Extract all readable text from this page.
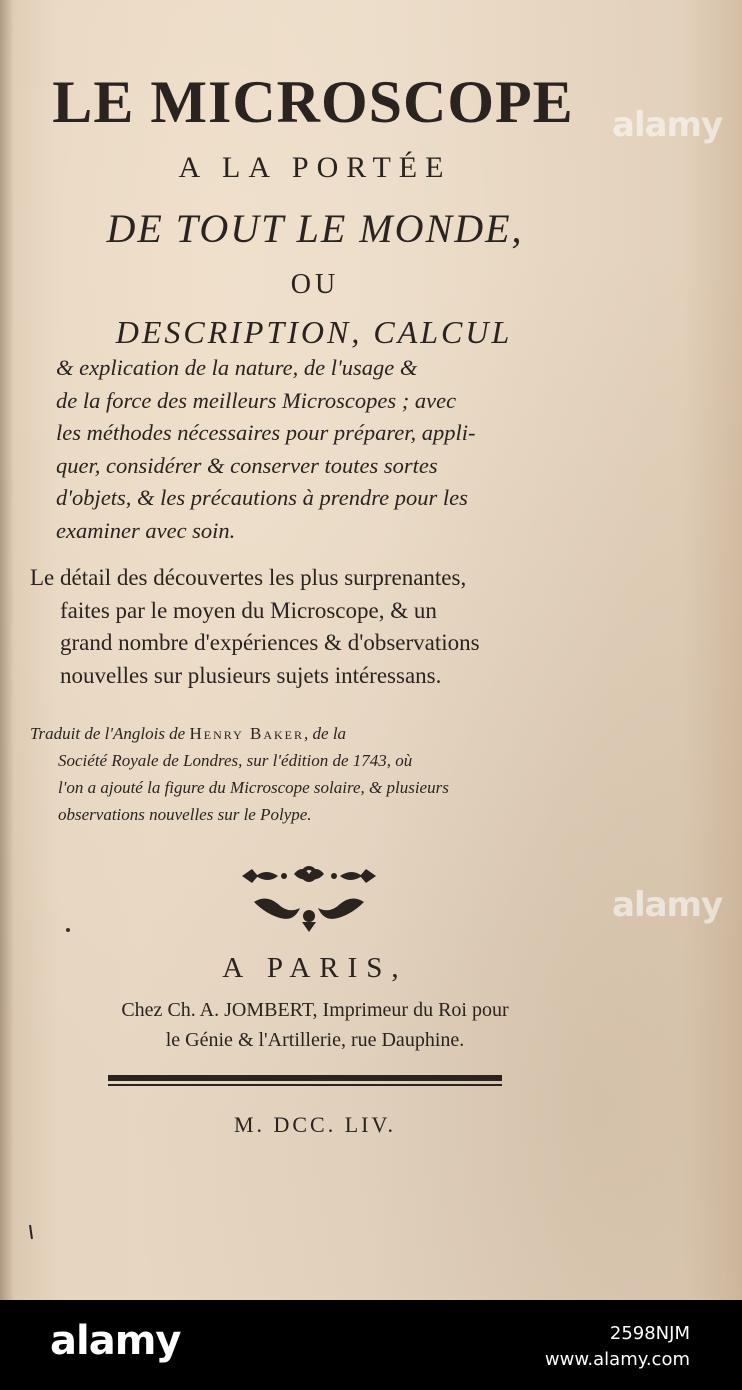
LE MICROSCOPE
A LA PORTÉE
DE TOUT LE MONDE,
OU
DESCRIPTION, CALCUL
& explication de la nature, de l'usage &
de la force des meilleurs Microscopes ; avec
les méthodes nécessaires pour préparer, appli-
quer, considérer & conserver toutes sortes
d'objets, & les précautions à prendre pour les
examiner avec soin.
Le détail des découvertes les plus surprenantes,
faites par le moyen du Microscope, & un
grand nombre d'expériences & d'observations
nouvelles sur plusieurs sujets intéressans.
Traduit de l'Anglois de Henry Baker, de la
Société Royale de Londres, sur l'édition de 1743, où
l'on a ajouté la figure du Microscope solaire, & plusieurs
observations nouvelles sur le Polype.
A PARIS,
Chez Ch. A. JOMBERT, Imprimeur du Roi pour
le Génie & l'Artillerie, rue Dauphine.
M. DCC. LIV.
alamy
alamy
alamy	2598NJM
www.alamy.com
